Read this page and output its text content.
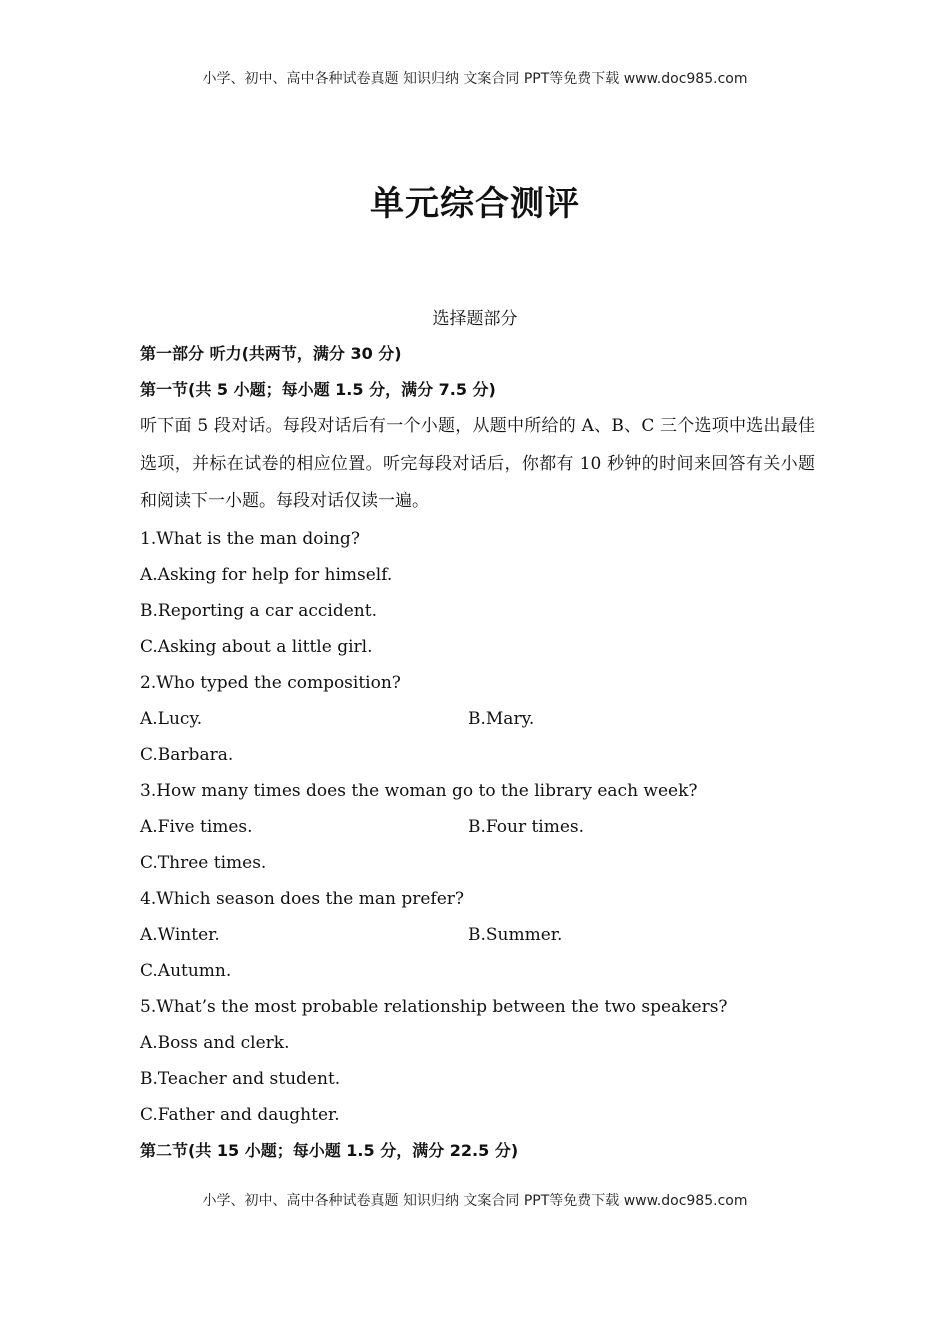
小学、初中、高中各种试卷真题 知识归纳 文案合同 PPT等免费下载 www.doc985.com
单元综合测评
选择题部分
第一部分 听力(共两节，满分 30 分)
第一节(共 5 小题；每小题 1.5 分，满分 7.5 分)
听下面 5 段对话。每段对话后有一个小题，从题中所给的 A、B、C 三个选项中选出最佳选项，并标在试卷的相应位置。听完每段对话后，你都有 10 秒钟的时间来回答有关小题和阅读下一小题。每段对话仅读一遍。
1.What is the man doing?
A.Asking for help for himself.
B.Reporting a car accident.
C.Asking about a little girl.
2.Who typed the composition?
A.Lucy.	B.Mary.
C.Barbara.
3.How many times does the woman go to the library each week?
A.Five times.	B.Four times.
C.Three times.
4.Which season does the man prefer?
A.Winter.	B.Summer.
C.Autumn.
5.What’s the most probable relationship between the two speakers?
A.Boss and clerk.
B.Teacher and student.
C.Father and daughter.
第二节(共 15 小题；每小题 1.5 分，满分 22.5 分)
小学、初中、高中各种试卷真题 知识归纳 文案合同 PPT等免费下载 www.doc985.com
